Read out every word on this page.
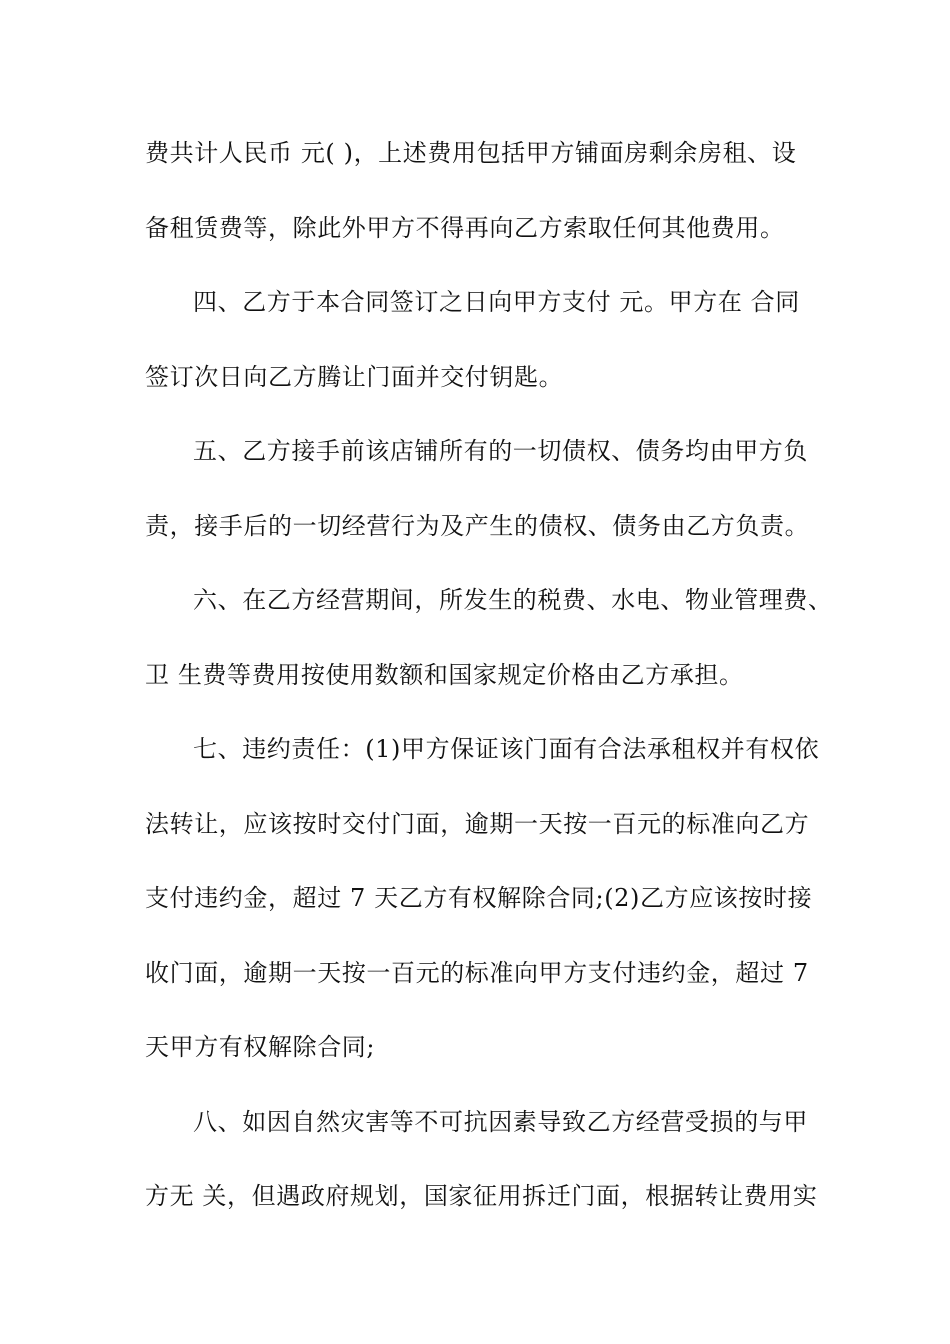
费共计人民币 元( )，上述费用包括甲方铺面房剩余房租、设
备租赁费等，除此外甲方不得再向乙方索取任何其他费用。
四、乙方于本合同签订之日向甲方支付 元。甲方在 合同
签订次日向乙方腾让门面并交付钥匙。
五、乙方接手前该店铺所有的一切债权、债务均由甲方负
责，接手后的一切经营行为及产生的债权、债务由乙方负责。
六、在乙方经营期间，所发生的税费、水电、物业管理费、
卫 生费等费用按使用数额和国家规定价格由乙方承担。
七、违约责任：(1)甲方保证该门面有合法承租权并有权依
法转让，应该按时交付门面，逾期一天按一百元的标准向乙方
支付违约金，超过 7 天乙方有权解除合同;(2)乙方应该按时接
收门面，逾期一天按一百元的标准向甲方支付违约金，超过 7
天甲方有权解除合同;
八、如因自然灾害等不可抗因素导致乙方经营受损的与甲
方无 关，但遇政府规划，国家征用拆迁门面，根据转让费用实
